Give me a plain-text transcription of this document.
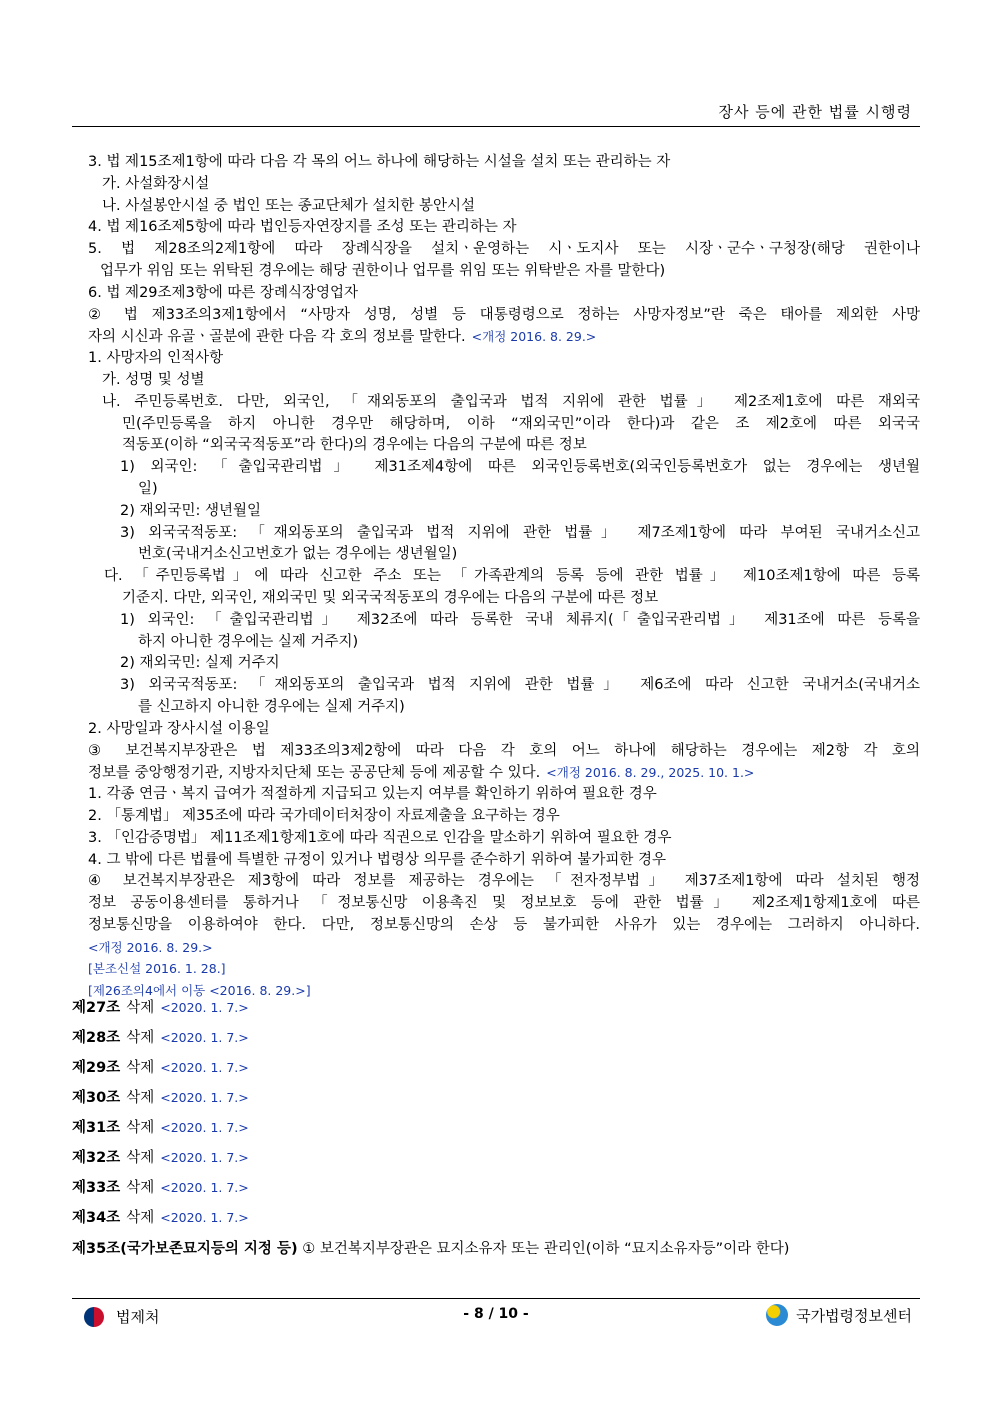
장사 등에 관한 법률 시행령
3. 법 제15조제1항에 따라 다음 각 목의 어느 하나에 해당하는 시설을 설치 또는 관리하는 자
가. 사설화장시설
나. 사설봉안시설 중 법인 또는 종교단체가 설치한 봉안시설
4. 법 제16조제5항에 따라 법인등자연장지를 조성 또는 관리하는 자
5. 법 제28조의2제1항에 따라 장례식장을 설치ㆍ운영하는 시ㆍ도지사 또는 시장ㆍ군수ㆍ구청장(해당 권한이나
업무가 위임 또는 위탁된 경우에는 해당 권한이나 업무를 위임 또는 위탁받은 자를 말한다)
6. 법 제29조제3항에 따른 장례식장영업자
② 법 제33조의3제1항에서 “사망자 성명, 성별 등 대통령령으로 정하는 사망자정보”란 죽은 태아를 제외한 사망
자의 시신과 유골ㆍ골분에 관한 다음 각 호의 정보를 말한다. <개정 2016. 8. 29.>
1. 사망자의 인적사항
가. 성명 및 성별
나. 주민등록번호. 다만, 외국인, 「재외동포의 출입국과 법적 지위에 관한 법률」 제2조제1호에 따른 재외국
민(주민등록을 하지 아니한 경우만 해당하며, 이하 “재외국민”이라 한다)과 같은 조 제2호에 따른 외국국
적동포(이하 “외국국적동포”라 한다)의 경우에는 다음의 구분에 따른 정보
1) 외국인: 「출입국관리법」 제31조제4항에 따른 외국인등록번호(외국인등록번호가 없는 경우에는 생년월
일)
2) 재외국민: 생년월일
3) 외국국적동포: 「재외동포의 출입국과 법적 지위에 관한 법률」 제7조제1항에 따라 부여된 국내거소신고
번호(국내거소신고번호가 없는 경우에는 생년월일)
다. 「주민등록법」에 따라 신고한 주소 또는 「가족관계의 등록 등에 관한 법률」 제10조제1항에 따른 등록
기준지. 다만, 외국인, 재외국민 및 외국국적동포의 경우에는 다음의 구분에 따른 정보
1) 외국인: 「출입국관리법」 제32조에 따라 등록한 국내 체류지(「출입국관리법」 제31조에 따른 등록을
하지 아니한 경우에는 실제 거주지)
2) 재외국민: 실제 거주지
3) 외국국적동포: 「재외동포의 출입국과 법적 지위에 관한 법률」 제6조에 따라 신고한 국내거소(국내거소
를 신고하지 아니한 경우에는 실제 거주지)
2. 사망일과 장사시설 이용일
③ 보건복지부장관은 법 제33조의3제2항에 따라 다음 각 호의 어느 하나에 해당하는 경우에는 제2항 각 호의
정보를 중앙행정기관, 지방자치단체 또는 공공단체 등에 제공할 수 있다. <개정 2016. 8. 29., 2025. 10. 1.>
1. 각종 연금ㆍ복지 급여가 적절하게 지급되고 있는지 여부를 확인하기 위하여 필요한 경우
2. 「통계법」 제35조에 따라 국가데이터처장이 자료제출을 요구하는 경우
3. 「인감증명법」 제11조제1항제1호에 따라 직권으로 인감을 말소하기 위하여 필요한 경우
4. 그 밖에 다른 법률에 특별한 규정이 있거나 법령상 의무를 준수하기 위하여 불가피한 경우
④ 보건복지부장관은 제3항에 따라 정보를 제공하는 경우에는 「전자정부법」 제37조제1항에 따라 설치된 행정
정보 공동이용센터를 통하거나 「정보통신망 이용촉진 및 정보보호 등에 관한 법률」 제2조제1항제1호에 따른
정보통신망을 이용하여야 한다. 다만, 정보통신망의 손상 등 불가피한 사유가 있는 경우에는 그러하지 아니하다.
<개정 2016. 8. 29.>
[본조신설 2016. 1. 28.]
[제26조의4에서 이동 <2016. 8. 29.>]
제27조 삭제 <2020. 1. 7.>
제28조 삭제 <2020. 1. 7.>
제29조 삭제 <2020. 1. 7.>
제30조 삭제 <2020. 1. 7.>
제31조 삭제 <2020. 1. 7.>
제32조 삭제 <2020. 1. 7.>
제33조 삭제 <2020. 1. 7.>
제34조 삭제 <2020. 1. 7.>
제35조(국가보존묘지등의 지정 등) ① 보건복지부장관은 묘지소유자 또는 관리인(이하 “묘지소유자등”이라 한다)
법제처	- 8 / 10 -	국가법령정보센터
